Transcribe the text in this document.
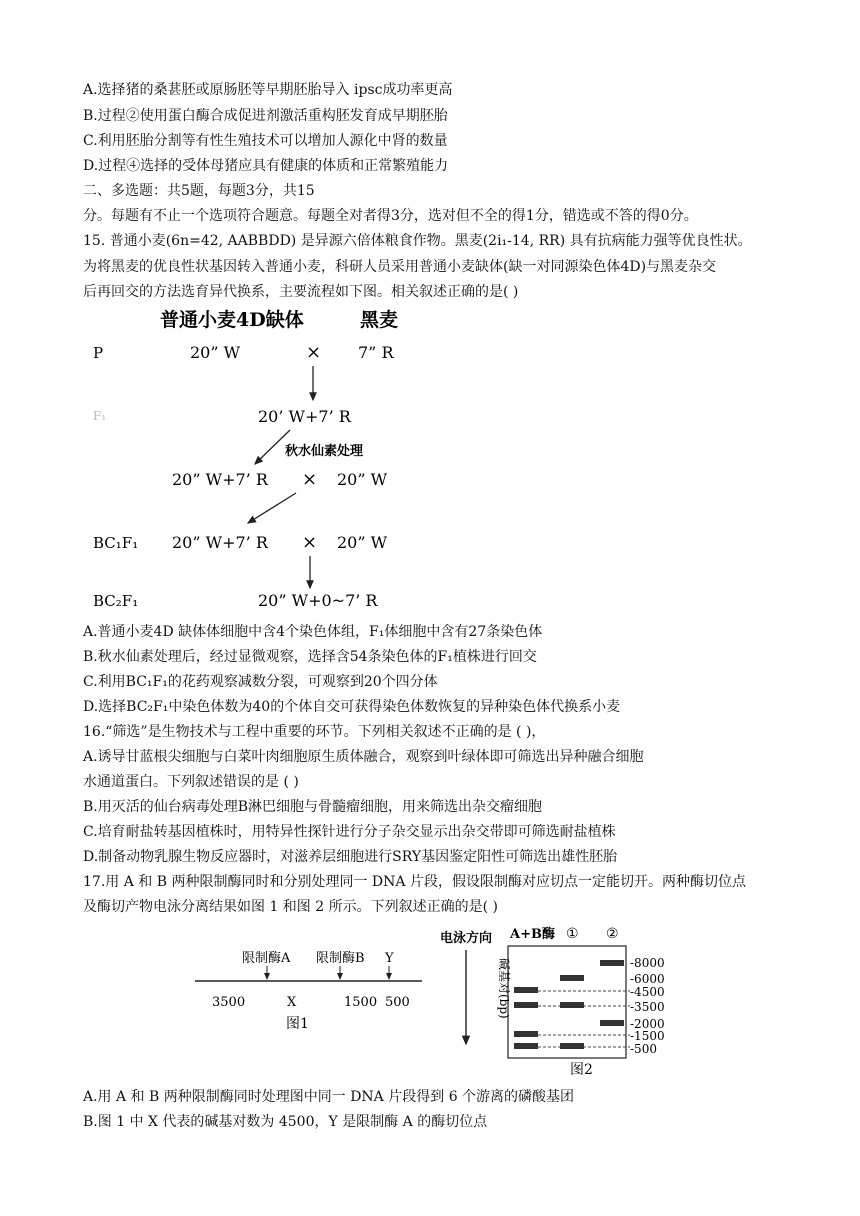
A.选择猪的桑葚胚或原肠胚等早期胚胎导入 ipsc成功率更高
B.过程②使用蛋白酶合成促进剂激活重构胚发育成早期胚胎
C.利用胚胎分割等有性生殖技术可以增加人源化中肾的数量
D.过程④选择的受体母猪应具有健康的体质和正常繁殖能力
二、多选题：共5题，每题3分，共15
分。每题有不止一个选项符合题意。每题全对者得3分，选对但不全的得1分，错选或不答的得0分。
15. 普通小麦(6n=42, AABBDD) 是异源六倍体粮食作物。黑麦(2i₁-14, RR) 具有抗病能力强等优良性状。
为将黑麦的优良性状基因转入普通小麦，科研人员采用普通小麦缺体(缺一对同源染色体4D)与黑麦杂交
后再回交的方法选育异代换系，主要流程如下图。相关叙述正确的是( )
普通小麦4D缺体	黑麦
P	20” W	× 7” R
F₁	20’ W+7’ R
秋水仙素处理
20” W+7’ R × 20” W
BC₁F₁ 20” W+7’ R × 20” W
BC₂F₁	20” W+0~7’ R
A.普通小麦4D 缺体体细胞中含4个染色体组，F₁体细胞中含有27条染色体
B.秋水仙素处理后，经过显微观察，选择含54条染色体的F₁植株进行回交
C.利用BC₁F₁的花药观察减数分裂，可观察到20个四分体
D.选择BC₂F₁中染色体数为40的个体自交可获得染色体数恢复的异种染色体代换系小麦
16.“筛选”是生物技术与工程中重要的环节。下列相关叙述不正确的是 ( )，
A.诱导甘蓝根尖细胞与白菜叶肉细胞原生质体融合，观察到叶绿体即可筛选出异种融合细胞
水通道蛋白。下列叙述错误的是 ( )
B.用灭活的仙台病毒处理B淋巴细胞与骨髓瘤细胞，用来筛选出杂交瘤细胞
C.培育耐盐转基因植株时，用特异性探针进行分子杂交显示出杂交带即可筛选耐盐植株
D.制备动物乳腺生物反应器时，对滋养层细胞进行SRY基因鉴定阳性可筛选出雄性胚胎
17.用 A 和 B 两种限制酶同时和分别处理同一 DNA 片段，假设限制酶对应切点一定能切开。两种酶切位点
及酶切产物电泳分离结果如图 1 和图 2 所示。下列叙述正确的是( )
限制酶A 限制酶B Y
3500	X	1500 500
图1
电泳方向 A+B酶 ① ②
碱基对(bp)	-8000
-6000
-4500
-3500
-2000
-1500
-500
图2
A.用 A 和 B 两种限制酶同时处理图中同一 DNA 片段得到 6 个游离的磷酸基团
B.图 1 中 X 代表的碱基对数为 4500，Y 是限制酶 A 的酶切位点
